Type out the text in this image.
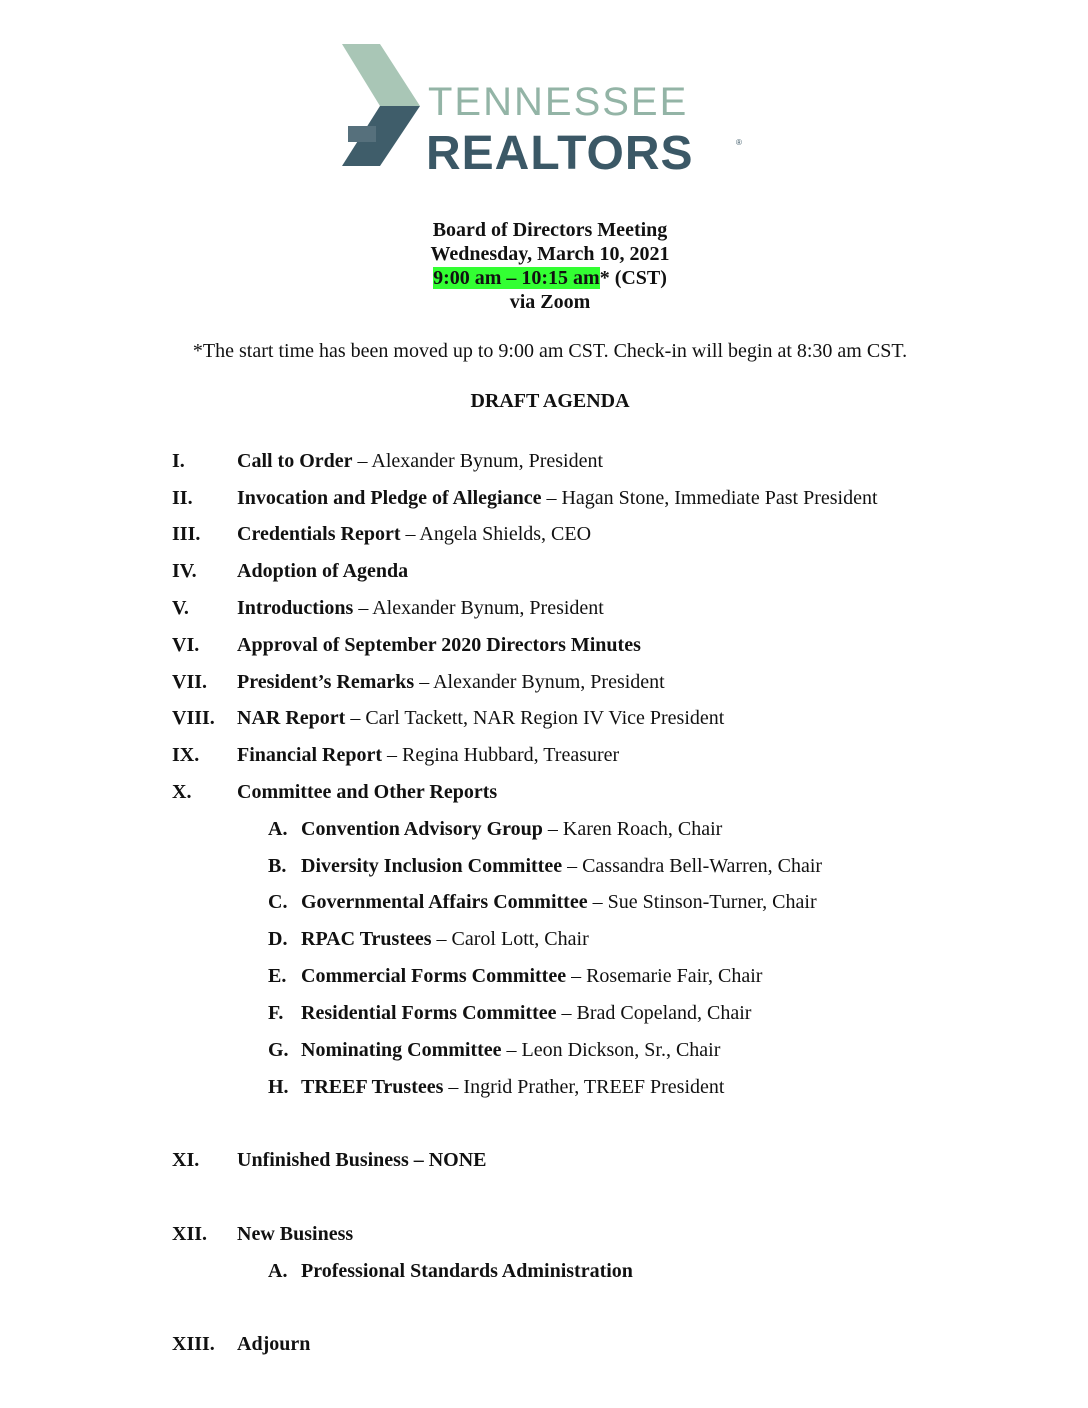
TENNESSEE
REALTORS	®
Board of Directors Meeting
Wednesday, March 10, 2021
9:00 am – 10:15 am* (CST)
via Zoom
*The start time has been moved up to 9:00 am CST. Check-in will begin at 8:30 am CST.
DRAFT AGENDA
I.	Call to Order – Alexander Bynum, President
II. Invocation and Pledge of Allegiance – Hagan Stone, Immediate Past President
III. Credentials Report – Angela Shields, CEO
IV. Adoption of Agenda
V. Introductions – Alexander Bynum, President
VI. Approval of September 2020 Directors Minutes
VII. President’s Remarks – Alexander Bynum, President
VIII. NAR Report – Carl Tackett, NAR Region IV Vice President
IX. Financial Report – Regina Hubbard, Treasurer
X. Committee and Other Reports
A. Convention Advisory Group – Karen Roach, Chair
B. Diversity Inclusion Committee – Cassandra Bell-Warren, Chair
C. Governmental Affairs Committee – Sue Stinson-Turner, Chair
D. RPAC Trustees – Carol Lott, Chair
E. Commercial Forms Committee – Rosemarie Fair, Chair
F. Residential Forms Committee – Brad Copeland, Chair
G. Nominating Committee – Leon Dickson, Sr., Chair
H. TREEF Trustees – Ingrid Prather, TREEF President
XI. Unfinished Business – NONE
XII. New Business
A. Professional Standards Administration
XIII. Adjourn
